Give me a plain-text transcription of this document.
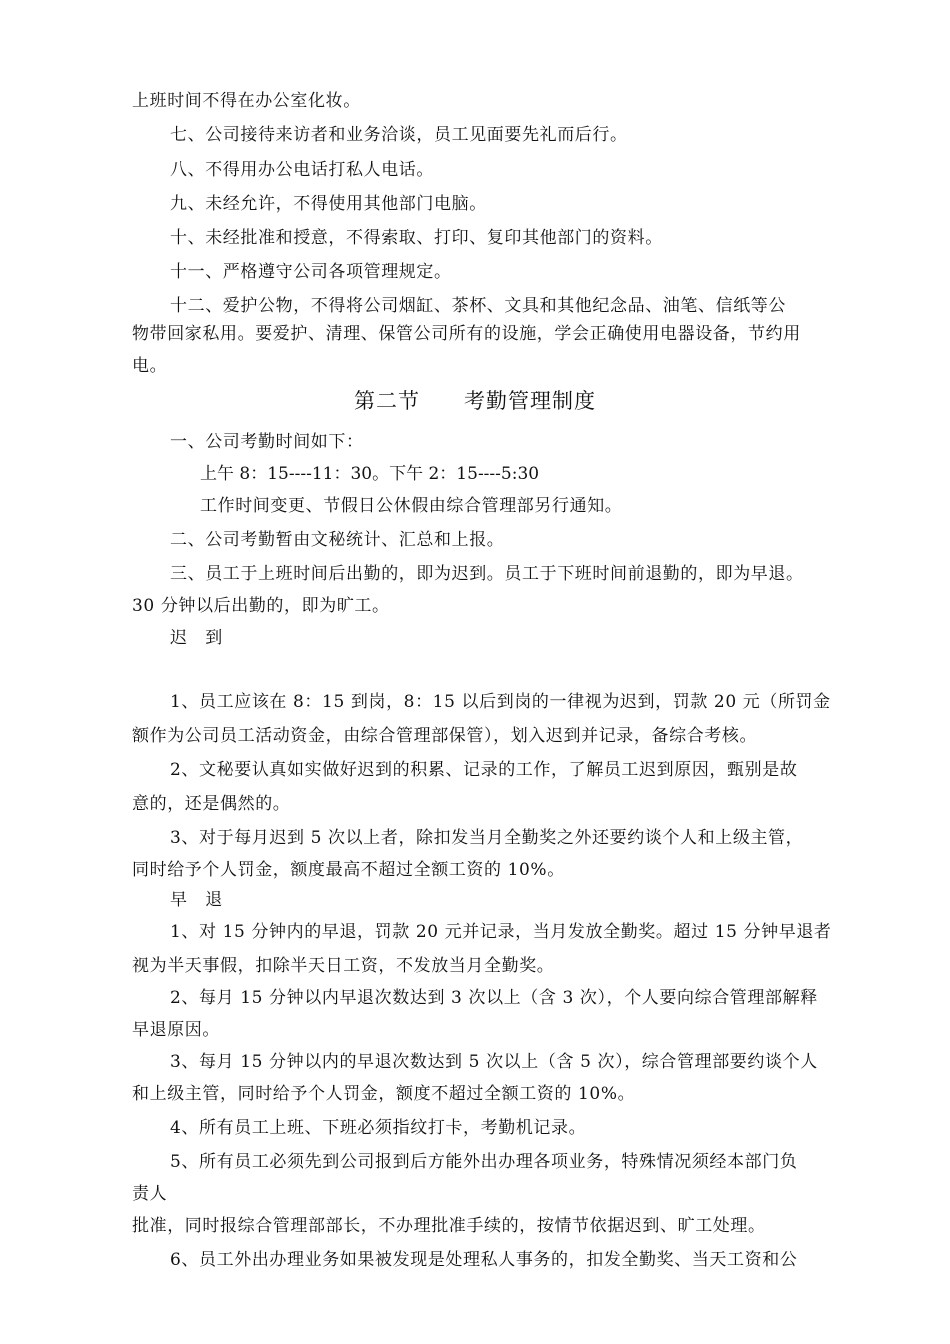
上班时间不得在办公室化妆。
七、公司接待来访者和业务洽谈，员工见面要先礼而后行。
八、不得用办公电话打私人电话。
九、未经允许，不得使用其他部门电脑。
十、未经批准和授意，不得索取、打印、复印其他部门的资料。
十一、严格遵守公司各项管理规定。
十二、爱护公物，不得将公司烟缸、茶杯、文具和其他纪念品、油笔、信纸等公
物带回家私用。要爱护、清理、保管公司所有的设施，学会正确使用电器设备，节约用
电。
第二节　　考勤管理制度
一、公司考勤时间如下：
上午 8：15----11：30。下午 2：15----5:30
工作时间变更、节假日公休假由综合管理部另行通知。
二、公司考勤暂由文秘统计、汇总和上报。
三、员工于上班时间后出勤的，即为迟到。员工于下班时间前退勤的，即为早退。
30 分钟以后出勤的，即为旷工。
迟　到
1、员工应该在 8：15 到岗，8：15 以后到岗的一律视为迟到，罚款 20 元（所罚金
额作为公司员工活动资金，由综合管理部保管），划入迟到并记录，备综合考核。
2、文秘要认真如实做好迟到的积累、记录的工作，了解员工迟到原因，甄别是故
意的，还是偶然的。
3、对于每月迟到 5 次以上者，除扣发当月全勤奖之外还要约谈个人和上级主管，
同时给予个人罚金，额度最高不超过全额工资的 10%。
早　退
1、对 15 分钟内的早退，罚款 20 元并记录，当月发放全勤奖。超过 15 分钟早退者
视为半天事假，扣除半天日工资，不发放当月全勤奖。
2、每月 15 分钟以内早退次数达到 3 次以上（含 3 次），个人要向综合管理部解释
早退原因。
3、每月 15 分钟以内的早退次数达到 5 次以上（含 5 次），综合管理部要约谈个人
和上级主管，同时给予个人罚金，额度不超过全额工资的 10%。
4、所有员工上班、下班必须指纹打卡，考勤机记录。
5、所有员工必须先到公司报到后方能外出办理各项业务，特殊情况须经本部门负
责人
批准，同时报综合管理部部长，不办理批准手续的，按情节依据迟到、旷工处理。
6、员工外出办理业务如果被发现是处理私人事务的，扣发全勤奖、当天工资和公
